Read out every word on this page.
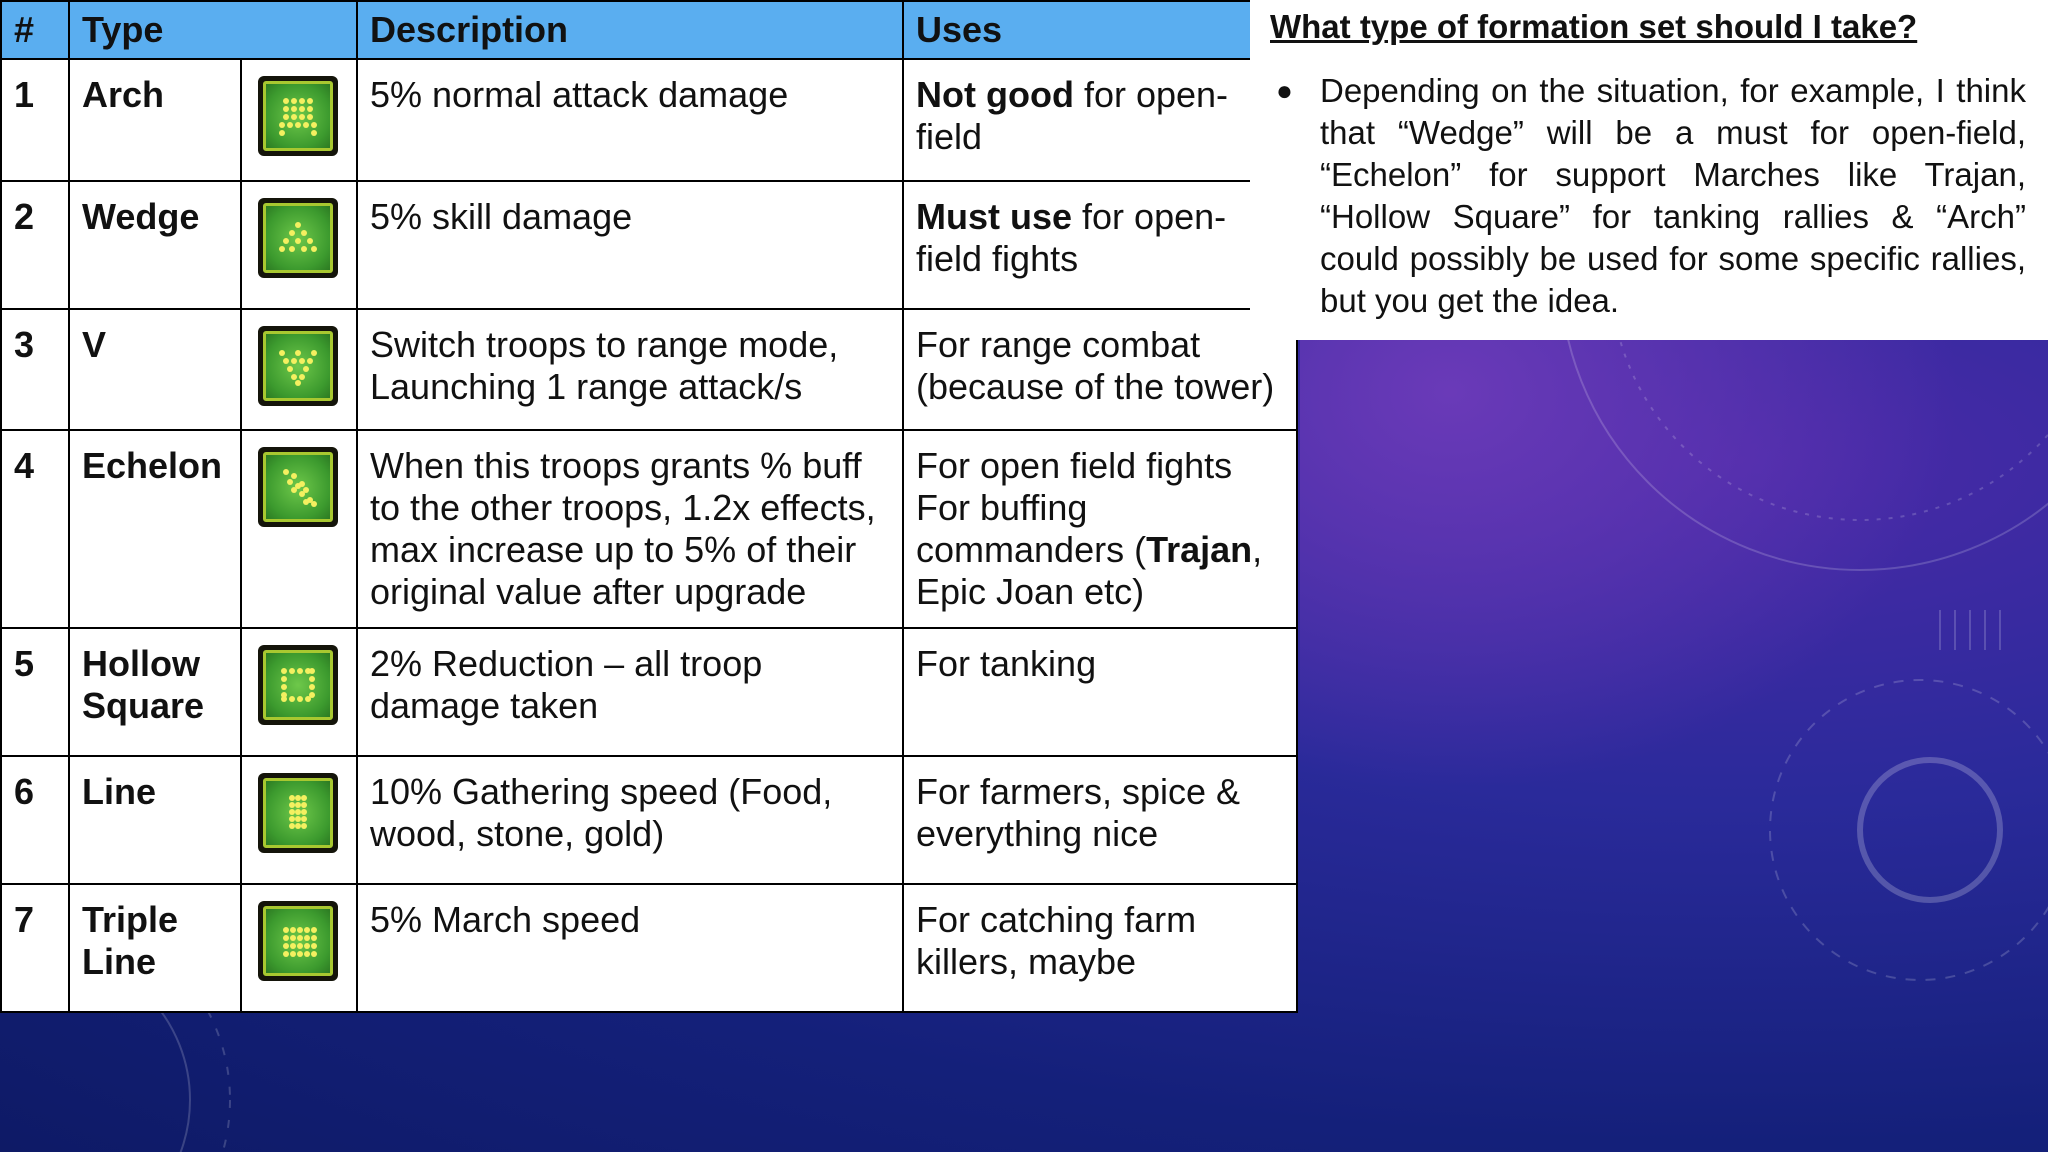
#	Type		Description	Uses
1	Arch		5% normal attack damage	Not good for open-field
2	Wedge		5% skill damage	Must use for open-field fights
3	V		Switch troops to range mode, Launching 1 range attack/s	For range combat (because of the tower)
4	Echelon		When this troops grants % buff to the other troops, 1.2x effects, max increase up to 5% of their original value after upgrade	For open field fights For buffing commanders (Trajan, Epic Joan etc)
5	Hollow Square		2% Reduction – all troop damage taken	For tanking
6	Line		10% Gathering speed (Food, wood, stone, gold)	For farmers, spice & everything nice
7	Triple Line		5% March speed	For catching farm killers, maybe
What type of formation set should I take?
● Depending on the situation, for example, I think that “Wedge” will be a must for open-field, “Echelon” for support Marches like Trajan, “Hollow Square” for tanking rallies & “Arch” could possibly be used for some specific rallies, but you get the idea.
